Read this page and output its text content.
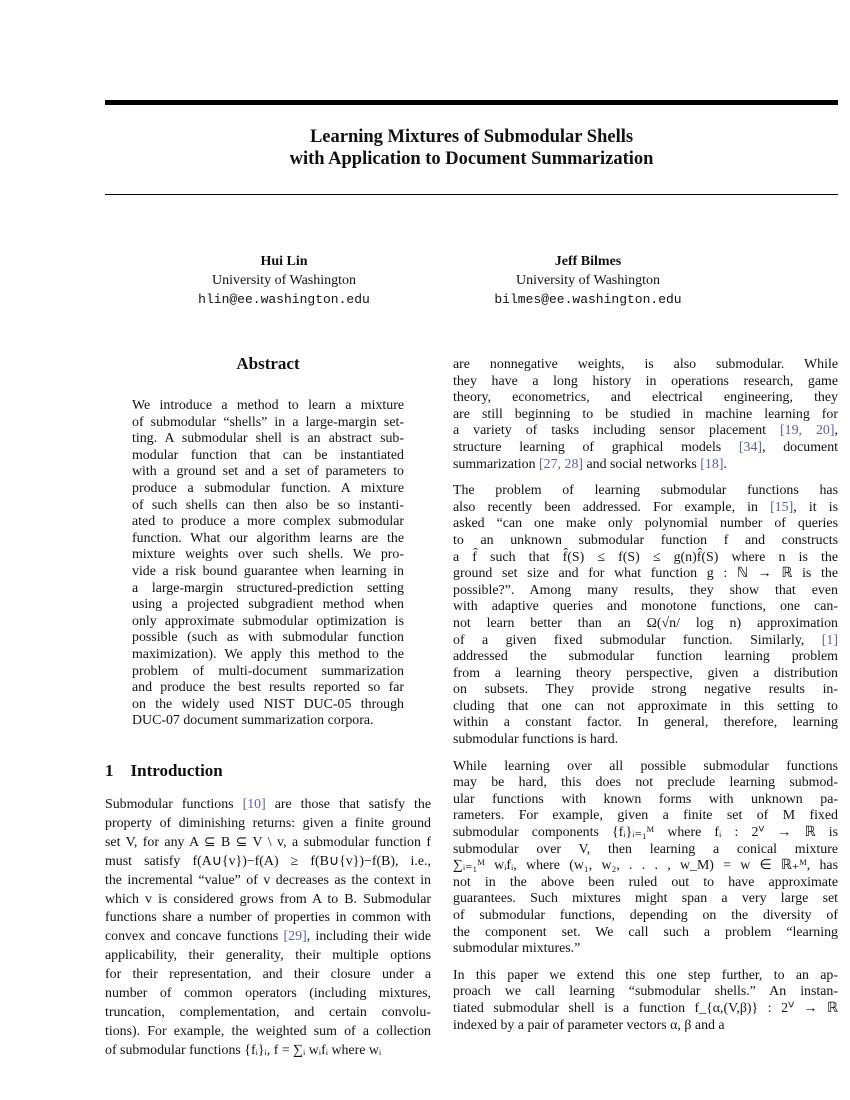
Learning Mixtures of Submodular Shells
with Application to Document Summarization
Hui Lin
University of Washington
hlin@ee.washington.edu
Jeff Bilmes
University of Washington
bilmes@ee.washington.edu
Abstract
We introduce a method to learn a mixture
of submodular “shells” in a large-margin set-
ting. A submodular shell is an abstract sub-
modular function that can be instantiated
with a ground set and a set of parameters to
produce a submodular function. A mixture
of such shells can then also be so instanti-
ated to produce a more complex submodular
function. What our algorithm learns are the
mixture weights over such shells. We pro-
vide a risk bound guarantee when learning in
a large-margin structured-prediction setting
using a projected subgradient method when
only approximate submodular optimization is
possible (such as with submodular function
maximization). We apply this method to the
problem of multi-document summarization
and produce the best results reported so far
on the widely used NIST DUC-05 through
DUC-07 document summarization corpora.
1 Introduction
Submodular functions [10] are those that satisfy the
property of diminishing returns: given a finite ground
set V, for any A ⊆ B ⊆ V \ v, a submodular function f
must satisfy f(A∪{v})−f(A) ≥ f(B∪{v})−f(B), i.e.,
the incremental “value” of v decreases as the context in
which v is considered grows from A to B. Submodular
functions share a number of properties in common with
convex and concave functions [29], including their wide
applicability, their generality, their multiple options
for their representation, and their closure under a
number of common operators (including mixtures,
truncation, complementation, and certain convolu-
tions). For example, the weighted sum of a collection
of submodular functions {fᵢ}ᵢ, f = ∑ᵢ wᵢfᵢ where wᵢ
are nonnegative weights, is also submodular. While
they have a long history in operations research, game
theory, econometrics, and electrical engineering, they
are still beginning to be studied in machine learning for
a variety of tasks including sensor placement [19, 20],
structure learning of graphical models [34], document
summarization [27, 28] and social networks [18].
The problem of learning submodular functions has
also recently been addressed. For example, in [15], it is
asked “can one make only polynomial number of queries
to an unknown submodular function f and constructs
a f̂ such that f̂(S) ≤ f(S) ≤ g(n)f̂(S) where n is the
ground set size and for what function g : ℕ → ℝ is the
possible?”. Among many results, they show that even
with adaptive queries and monotone functions, one can-
not learn better than an Ω(√n/ log n) approximation
of a given fixed submodular function. Similarly, [1]
addressed the submodular function learning problem
from a learning theory perspective, given a distribution
on subsets. They provide strong negative results in-
cluding that one can not approximate in this setting to
within a constant factor. In general, therefore, learning
submodular functions is hard.
While learning over all possible submodular functions
may be hard, this does not preclude learning submod-
ular functions with known forms with unknown pa-
rameters. For example, given a finite set of M fixed
submodular components {fᵢ}ᵢ₌₁ᴹ where fᵢ : 2ⱽ → ℝ is
submodular over V, then learning a conical mixture
∑ᵢ₌₁ᴹ wᵢfᵢ, where (w₁, w₂, . . . , w_M) = w ∈ ℝ₊ᴹ, has
not in the above been ruled out to have approximate
guarantees. Such mixtures might span a very large set
of submodular functions, depending on the diversity of
the component set. We call such a problem “learning
submodular mixtures.”
In this paper we extend this one step further, to an ap-
proach we call learning “submodular shells.” An instan-
tiated submodular shell is a function f_{α,(V,β)} : 2ⱽ → ℝ
indexed by a pair of parameter vectors α, β and a
